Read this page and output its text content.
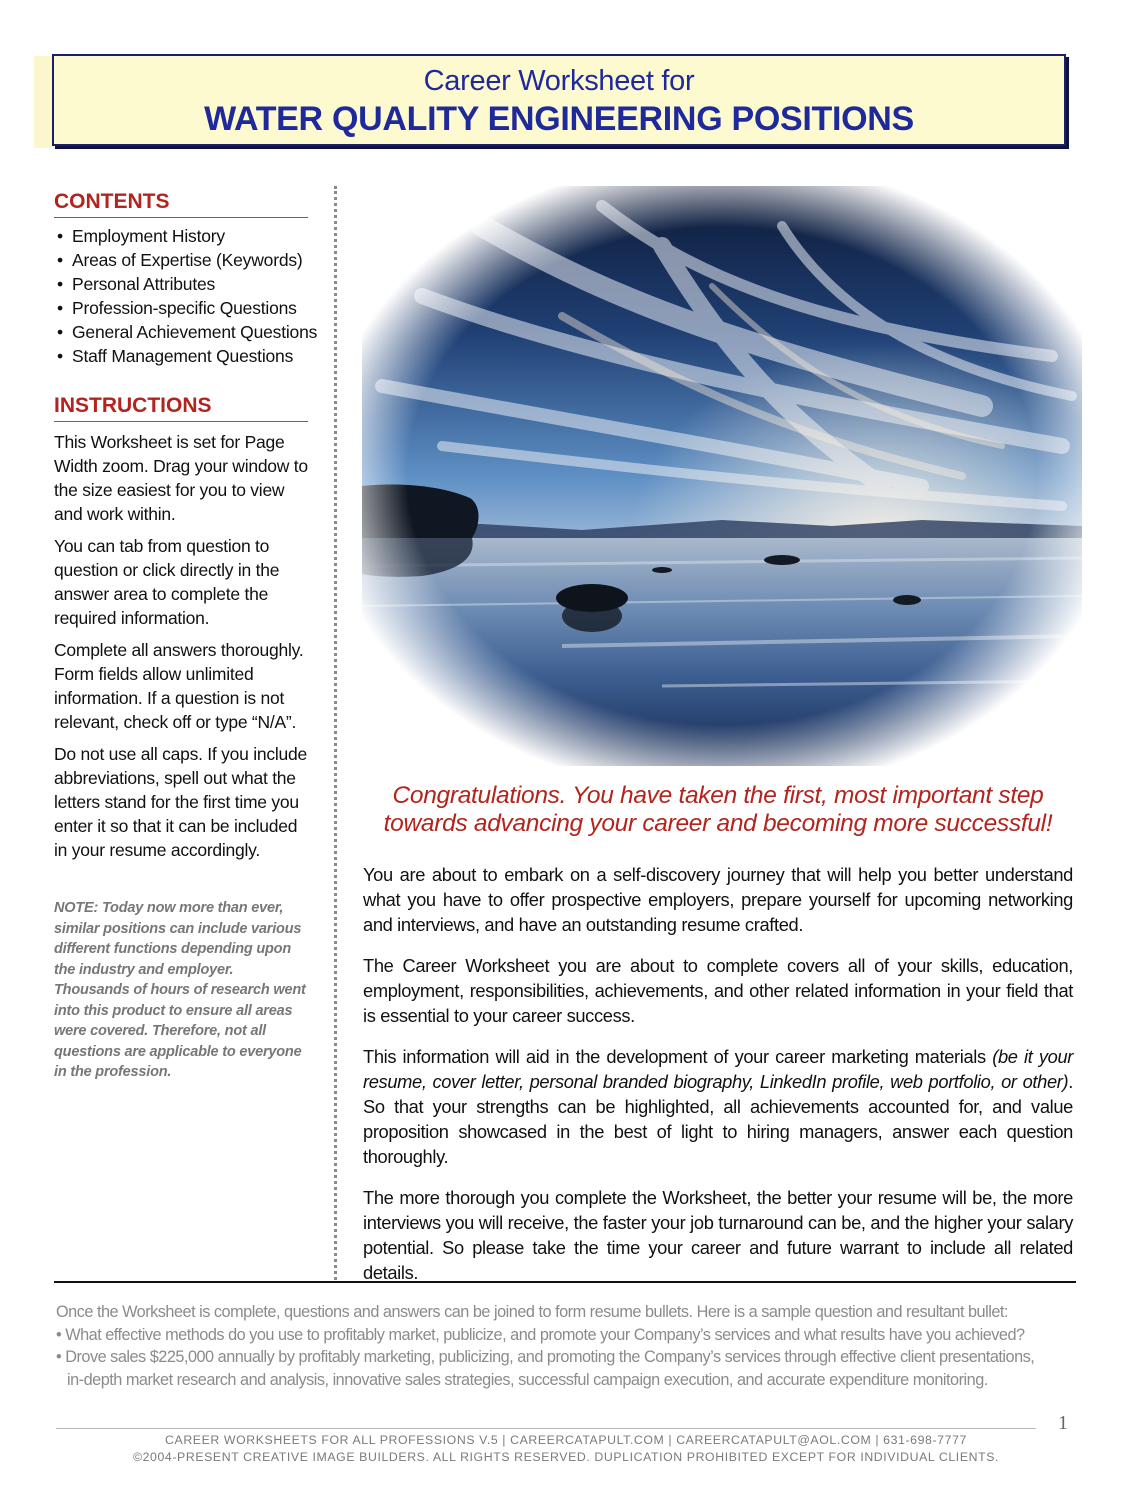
Career Worksheet for
WATER QUALITY ENGINEERING POSITIONS
CONTENTS
• Employment History
• Areas of Expertise (Keywords)
• Personal Attributes
• Profession-specific Questions
• General Achievement Questions
• Staff Management Questions
INSTRUCTIONS

This Worksheet is set for Page Width zoom. Drag your window to the size easiest for you to view and work within.

You can tab from question to question or click directly in the answer area to complete the required information.

Complete all answers thoroughly. Form fields allow unlimited information. If a question is not relevant, check off or type “N/A”.

Do not use all caps. If you include abbreviations, spell out what the letters stand for the first time you enter it so that it can be included in your resume accordingly.

NOTE: Today now more than ever, similar positions can include various different functions depending upon the industry and employer. Thousands of hours of research went into this product to ensure all areas were covered. Therefore, not all questions are applicable to everyone in the profession.
Congratulations. You have taken the first, most important step
towards advancing your career and becoming more successful!

You are about to embark on a self-discovery journey that will help you better understand what you have to offer prospective employers, prepare yourself for upcoming networking and interviews, and have an outstanding resume crafted.

The Career Worksheet you are about to complete covers all of your skills, education, employment, responsibilities, achievements, and other related information in your field that is essential to your career success.

This information will aid in the development of your career marketing materials (be it your resume, cover letter, personal branded biography, LinkedIn profile, web portfolio, or other). So that your strengths can be highlighted, all achievements accounted for, and value proposition showcased in the best of light to hiring managers, answer each question thoroughly.

The more thorough you complete the Worksheet, the better your resume will be, the more interviews you will receive, the faster your job turnaround can be, and the higher your salary potential. So please take the time your career and future warrant to include all related details.

Once the Worksheet is complete, questions and answers can be joined to form resume bullets. Here is a sample question and resultant bullet:
• What effective methods do you use to profitably market, publicize, and promote your Company’s services and what results have you achieved?
• Drove sales $225,000 annually by profitably marketing, publicizing, and promoting the Company’s services through effective client presentations,
in-depth market research and analysis, innovative sales strategies, successful campaign execution, and accurate expenditure monitoring.
CAREER WORKSHEETS FOR ALL PROFESSIONS V.5 | CAREERCATAPULT.COM | CAREERCATAPULT@AOL.COM | 631-698-7777
©2004-PRESENT CREATIVE IMAGE BUILDERS. ALL RIGHTS RESERVED. DUPLICATION PROHIBITED EXCEPT FOR INDIVIDUAL CLIENTS.
1
